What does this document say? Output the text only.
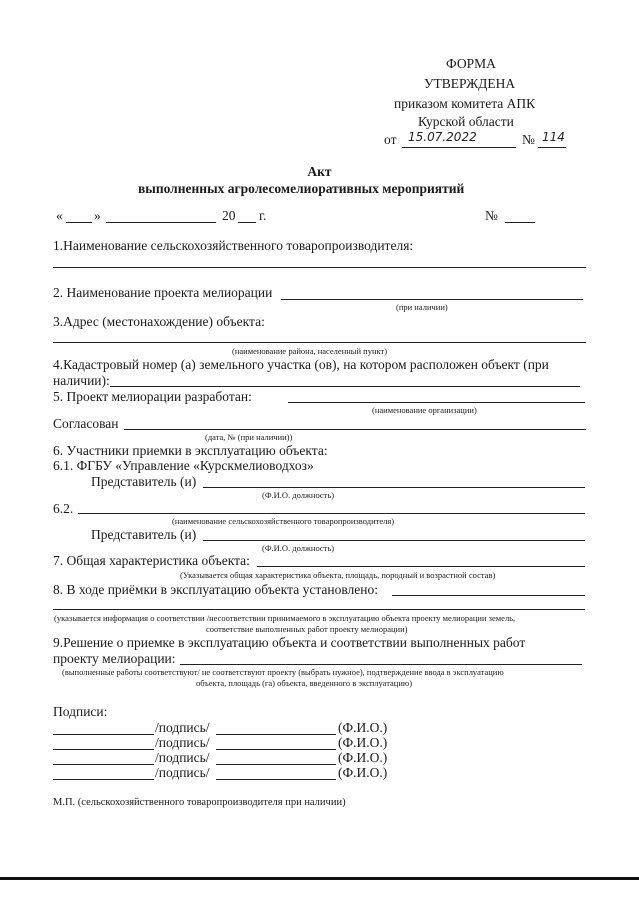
ФОРМА
УТВЕРЖДЕНА
приказом комитета АПК
Курской области
от 15.07.2022	№ 114
Акт
выполненных агролесомелиоративных мероприятий
« »	20 г.	№
1.Наименование сельскохозяйственного товаропроизводителя:
2. Наименование проекта мелиорации
(при наличии)
3.Адрес (местонахождение) объекта:
(наименование района, населенный пункт)
4.Кадастровый номер (а) земельного участка (ов), на котором расположен объект (при
наличии):
5. Проект мелиорации разработан:
(наименование организации)
Согласован
(дата, № (при наличии))
6. Участники приемки в эксплуатацию объекта:
6.1. ФГБУ «Управление «Курскмелиоводхоз»
Представитель (и)
(Ф.И.О. должность)
6.2.
(наименование сельскохозяйственного товаропроизводителя)
Представитель (и)
(Ф.И.О. должность)
7. Общая характеристика объекта:
(Указывается общая характеристика объекта, площадь, породный и возрастной состав)
8. В ходе приёмки в эксплуатацию объекта установлено:
(указывается информация о соответствии /несоответствии принимаемого в эксплуатацию объекта проекту мелиорации земель,
соответствие выполненных работ проекту мелиорации)
9.Решение о приемке в эксплуатацию объекта и соответствии выполненных работ
проекту мелиорации:
(выполненные работы соответствуют/ не соответствуют проекту (выбрать нужное), подтверждение ввода в эксплуатацию
объекта, площадь (га) объекта, введенного в эксплуатацию)
Подписи:
/подпись/	(Ф.И.О.)
/подпись/	(Ф.И.О.)
/подпись/	(Ф.И.О.)
/подпись/	(Ф.И.О.)
М.П. (сельскохозяйственного товаропроизводителя при наличии)
